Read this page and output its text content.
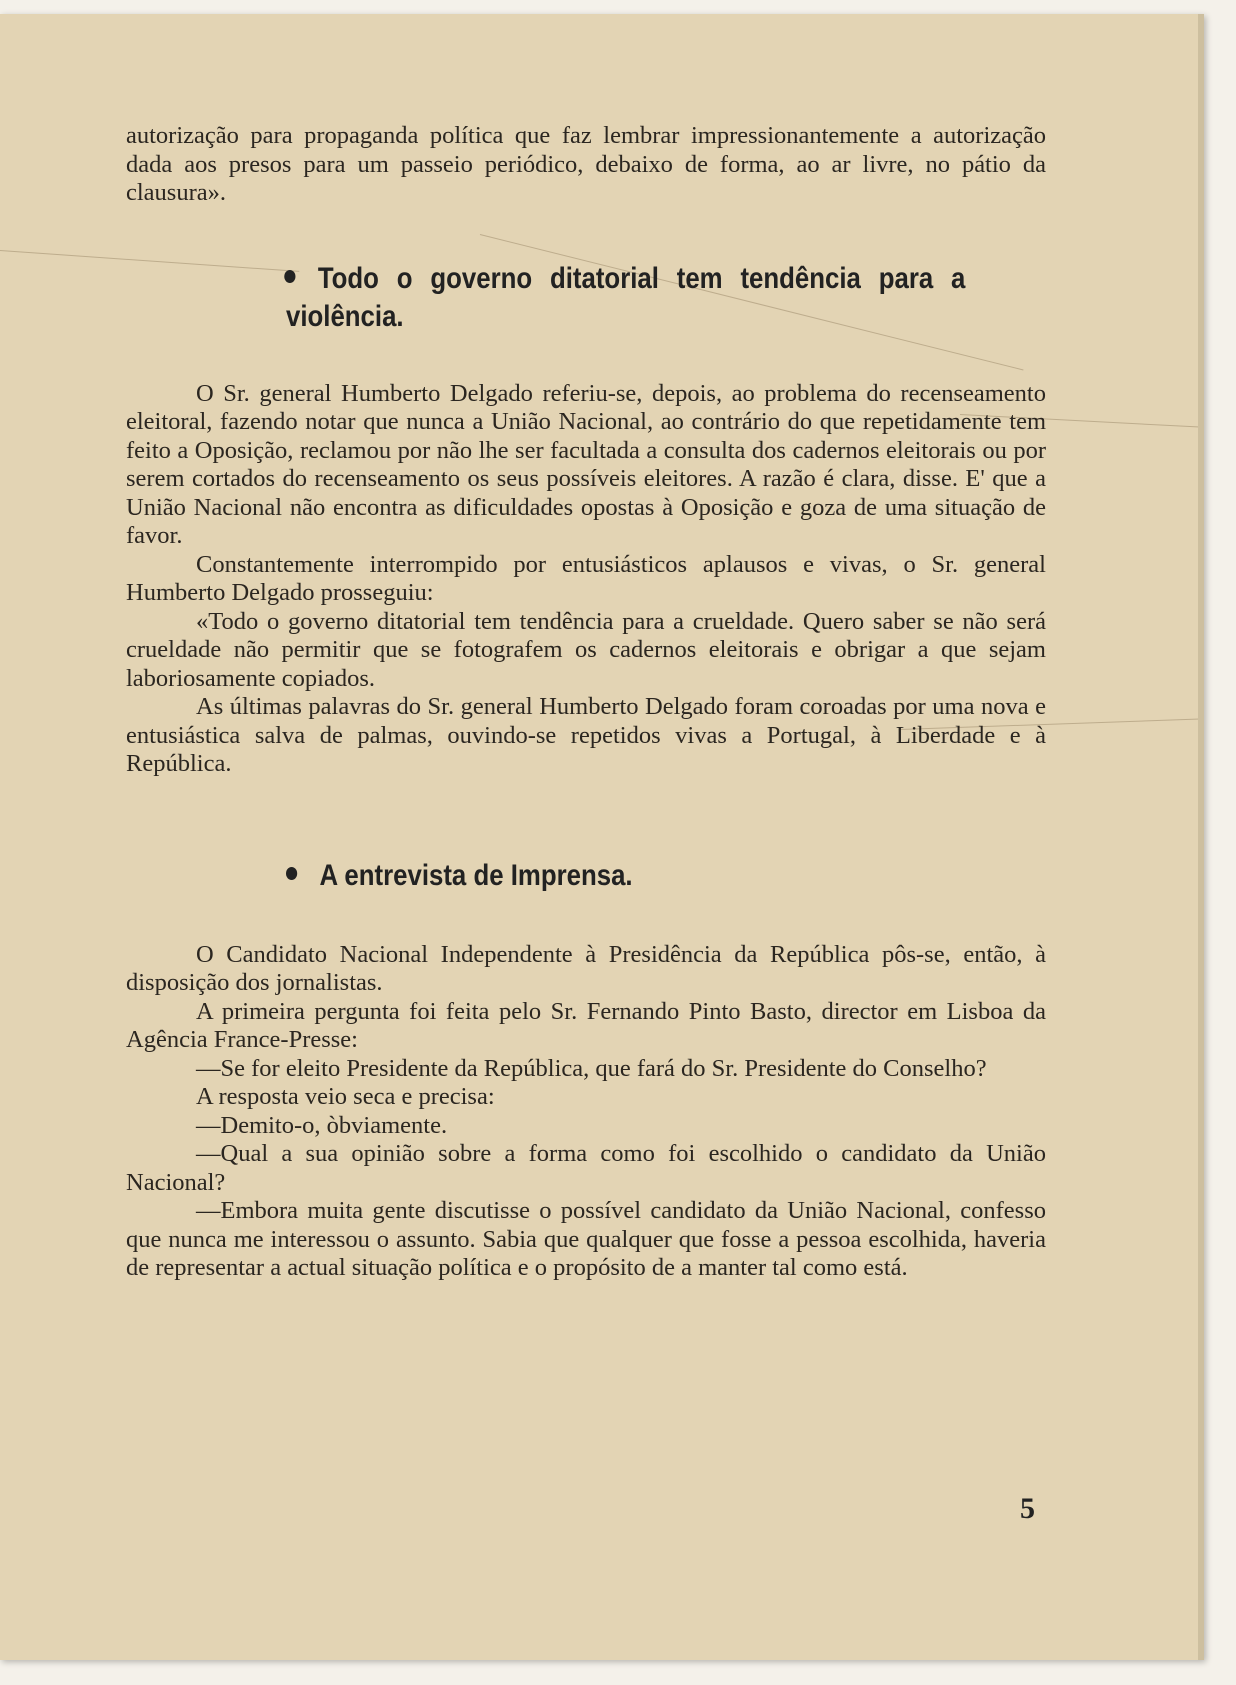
autorização para propaganda política que faz lembrar impressionantemente a autorização dada aos presos para um passeio periódico, debaixo de forma, ao ar livre, no pátio da clausura».

Todo o governo ditatorial tem tendência para a violência.

O Sr. general Humberto Delgado referiu-se, depois, ao problema do recenseamento eleitoral, fazendo notar que nunca a União Nacional, ao contrário do que repetidamente tem feito a Oposição, reclamou por não lhe ser facultada a consulta dos cadernos eleitorais ou por serem cortados do recenseamento os seus possíveis eleitores. A razão é clara, disse. E' que a União Nacional não encontra as dificuldades opostas à Oposição e goza de uma situação de favor.

Constantemente interrompido por entusiásticos aplausos e vivas, o Sr. general Humberto Delgado prosseguiu:

«Todo o governo ditatorial tem tendência para a crueldade. Quero saber se não será crueldade não permitir que se fotografem os cadernos eleitorais e obrigar a que sejam laboriosamente copiados.

As últimas palavras do Sr. general Humberto Delgado foram coroadas por uma nova e entusiástica salva de palmas, ouvindo-se repetidos vivas a Portugal, à Liberdade e à República.

A entrevista de Imprensa.

O Candidato Nacional Independente à Presidência da República pôs-se, então, à disposição dos jornalistas.

A primeira pergunta foi feita pelo Sr. Fernando Pinto Basto, director em Lisboa da Agência France-Presse:

—Se for eleito Presidente da República, que fará do Sr. Presidente do Conselho?

A resposta veio seca e precisa:

—Demito-o, òbviamente.

—Qual a sua opinião sobre a forma como foi escolhido o candidato da União Nacional?

—Embora muita gente discutisse o possível candidato da União Nacional, confesso que nunca me interessou o assunto. Sabia que qualquer que fosse a pessoa escolhida, haveria de representar a actual situação política e o propósito de a manter tal como está.

5
